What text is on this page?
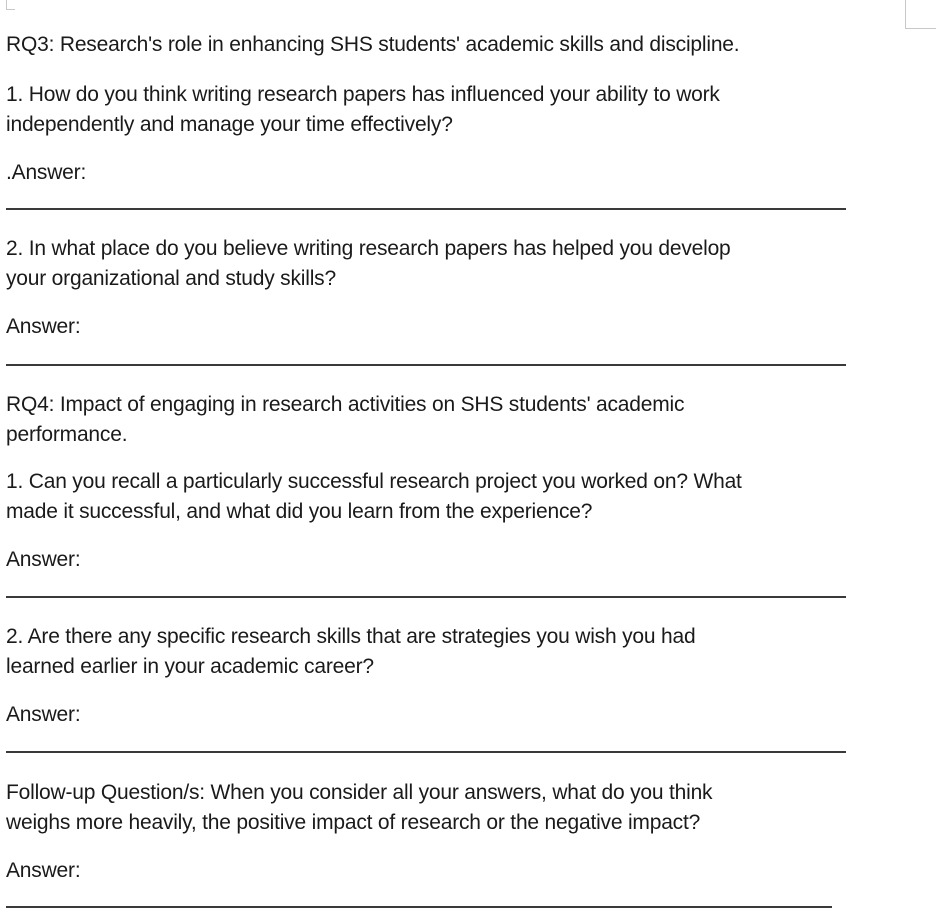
RQ3: Research's role in enhancing SHS students' academic skills and discipline.
1. How do you think writing research papers has influenced your ability to work
independently and manage your time effectively?
.Answer:
2. In what place do you believe writing research papers has helped you develop
your organizational and study skills?
Answer:
RQ4: Impact of engaging in research activities on SHS students' academic
performance.
1. Can you recall a particularly successful research project you worked on? What
made it successful, and what did you learn from the experience?
Answer:
2. Are there any specific research skills that are strategies you wish you had
learned earlier in your academic career?
Answer:
Follow-up Question/s: When you consider all your answers, what do you think
weighs more heavily, the positive impact of research or the negative impact?
Answer:
